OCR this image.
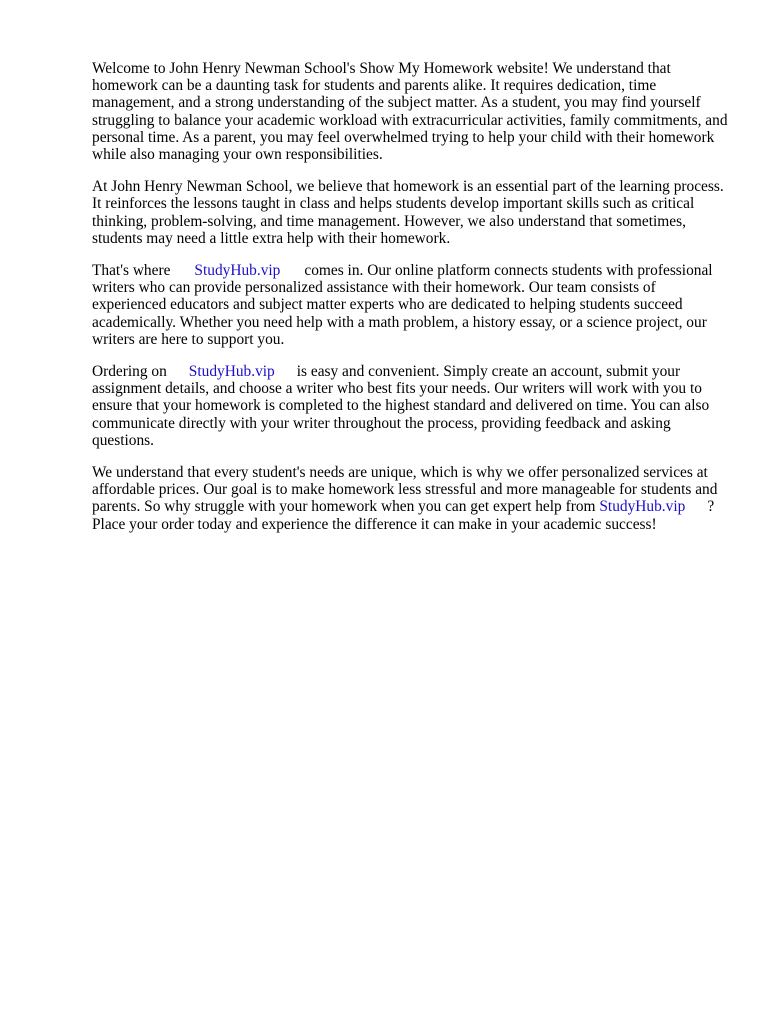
Welcome to John Henry Newman School's Show My Homework website! We understand that homework can be a daunting task for students and parents alike. It requires dedication, time management, and a strong understanding of the subject matter. As a student, you may find yourself struggling to balance your academic workload with extracurricular activities, family commitments, and personal time. As a parent, you may feel overwhelmed trying to help your child with their homework while also managing your own responsibilities.

At John Henry Newman School, we believe that homework is an essential part of the learning process. It reinforces the lessons taught in class and helps students develop important skills such as critical thinking, problem-solving, and time management. However, we also understand that sometimes, students may need a little extra help with their homework.

That's where StudyHub.vip comes in. Our online platform connects students with professional writers who can provide personalized assistance with their homework. Our team consists of experienced educators and subject matter experts who are dedicated to helping students succeed academically. Whether you need help with a math problem, a history essay, or a science project, our writers are here to support you.

Ordering on StudyHub.vip is easy and convenient. Simply create an account, submit your assignment details, and choose a writer who best fits your needs. Our writers will work with you to ensure that your homework is completed to the highest standard and delivered on time. You can also communicate directly with your writer throughout the process, providing feedback and asking questions.

We understand that every student's needs are unique, which is why we offer personalized services at affordable prices. Our goal is to make homework less stressful and more manageable for students and parents. So why struggle with your homework when you can get expert help from StudyHub.vip ? Place your order today and experience the difference it can make in your academic success!
